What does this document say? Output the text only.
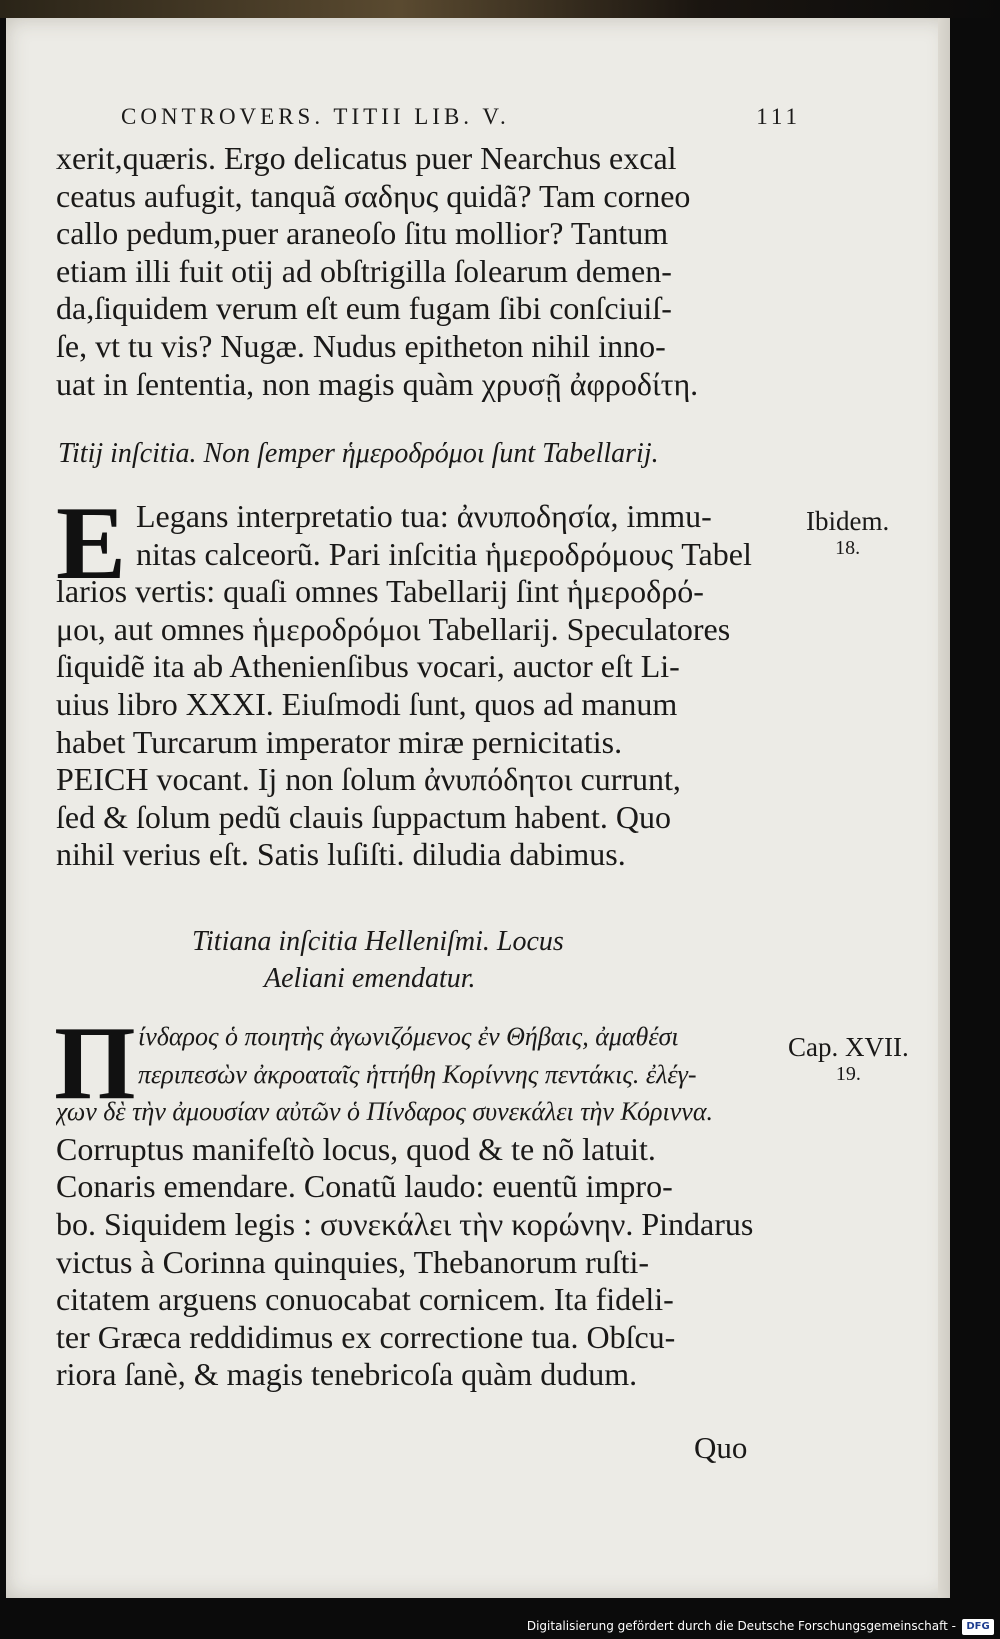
CONTROVERS. TITII LIB. V.	111
xerit,quæris. Ergo delicatus puer Nearchus excal
ceatus aufugit, tanquã σαδηυς quidã? Tam corneo
callo pedum,puer araneoſo ſitu mollior? Tantum
etiam illi fuit otij ad obſtrigilla ſolearum demen-
da,ſiquidem verum eſt eum fugam ſibi conſciuiſ-
ſe, vt tu vis? Nugæ. Nudus epitheton nihil inno-
uat in ſententia, non magis quàm χρυσῇ ἀφροδίτη.
Titij inſcitia. Non ſemper ἡμεροδρόμοι ſunt Tabellarij.
E Legans interpretatio tua: ἀνυποδησία, immu-
nitas calceorũ. Pari inſcitia ἡμεροδρόμους Tabel
larios vertis: quaſi omnes Tabellarij ſint ἡμεροδρό-
μοι, aut omnes ἡμεροδρόμοι Tabellarij. Speculatores
ſiquidẽ ita ab Athenienſibus vocari, auctor eſt Li-
uius libro XXXI. Eiuſmodi ſunt, quos ad manum
habet Turcarum imperator miræ pernicitatis.
PEICH vocant. Ij non ſolum ἀνυπόδητοι currunt,
ſed & ſolum pedũ clauis ſuppactum habent. Quo
nihil verius eſt. Satis luſiſti. diludia dabimus.
Ibidem.
18.
Titiana inſcitia Helleniſmi. Locus
Aeliani emendatur.
Π ίνδαρος ὁ ποιητὴς ἀγωνιζόμενος ἐν Θήβαις, ἀμαθέσι
περιπεσὼν ἀκροαταῖς ἡττήθη Κορίννης πεντάκις. ἐλέγ-
χων δὲ τὴν ἀμουσίαν αὐτῶν ὁ Πίνδαρος συνεκάλει τὴν Κόριννα.
Corruptus manifeſtò locus, quod & te nõ latuit.
Conaris emendare. Conatũ laudo: euentũ impro-
bo. Siquidem legis : συνεκάλει τὴν κορώνην. Pindarus
victus à Corinna quinquies, Thebanorum ruſti-
citatem arguens conuocabat cornicem. Ita fideli-
ter Græca reddidimus ex correctione tua. Obſcu-
riora ſanè, & magis tenebricoſa quàm dudum.
Cap. XVII.
19.
Quo
Digitalisierung gefördert durch die Deutsche Forschungsgemeinschaft -	DFG
